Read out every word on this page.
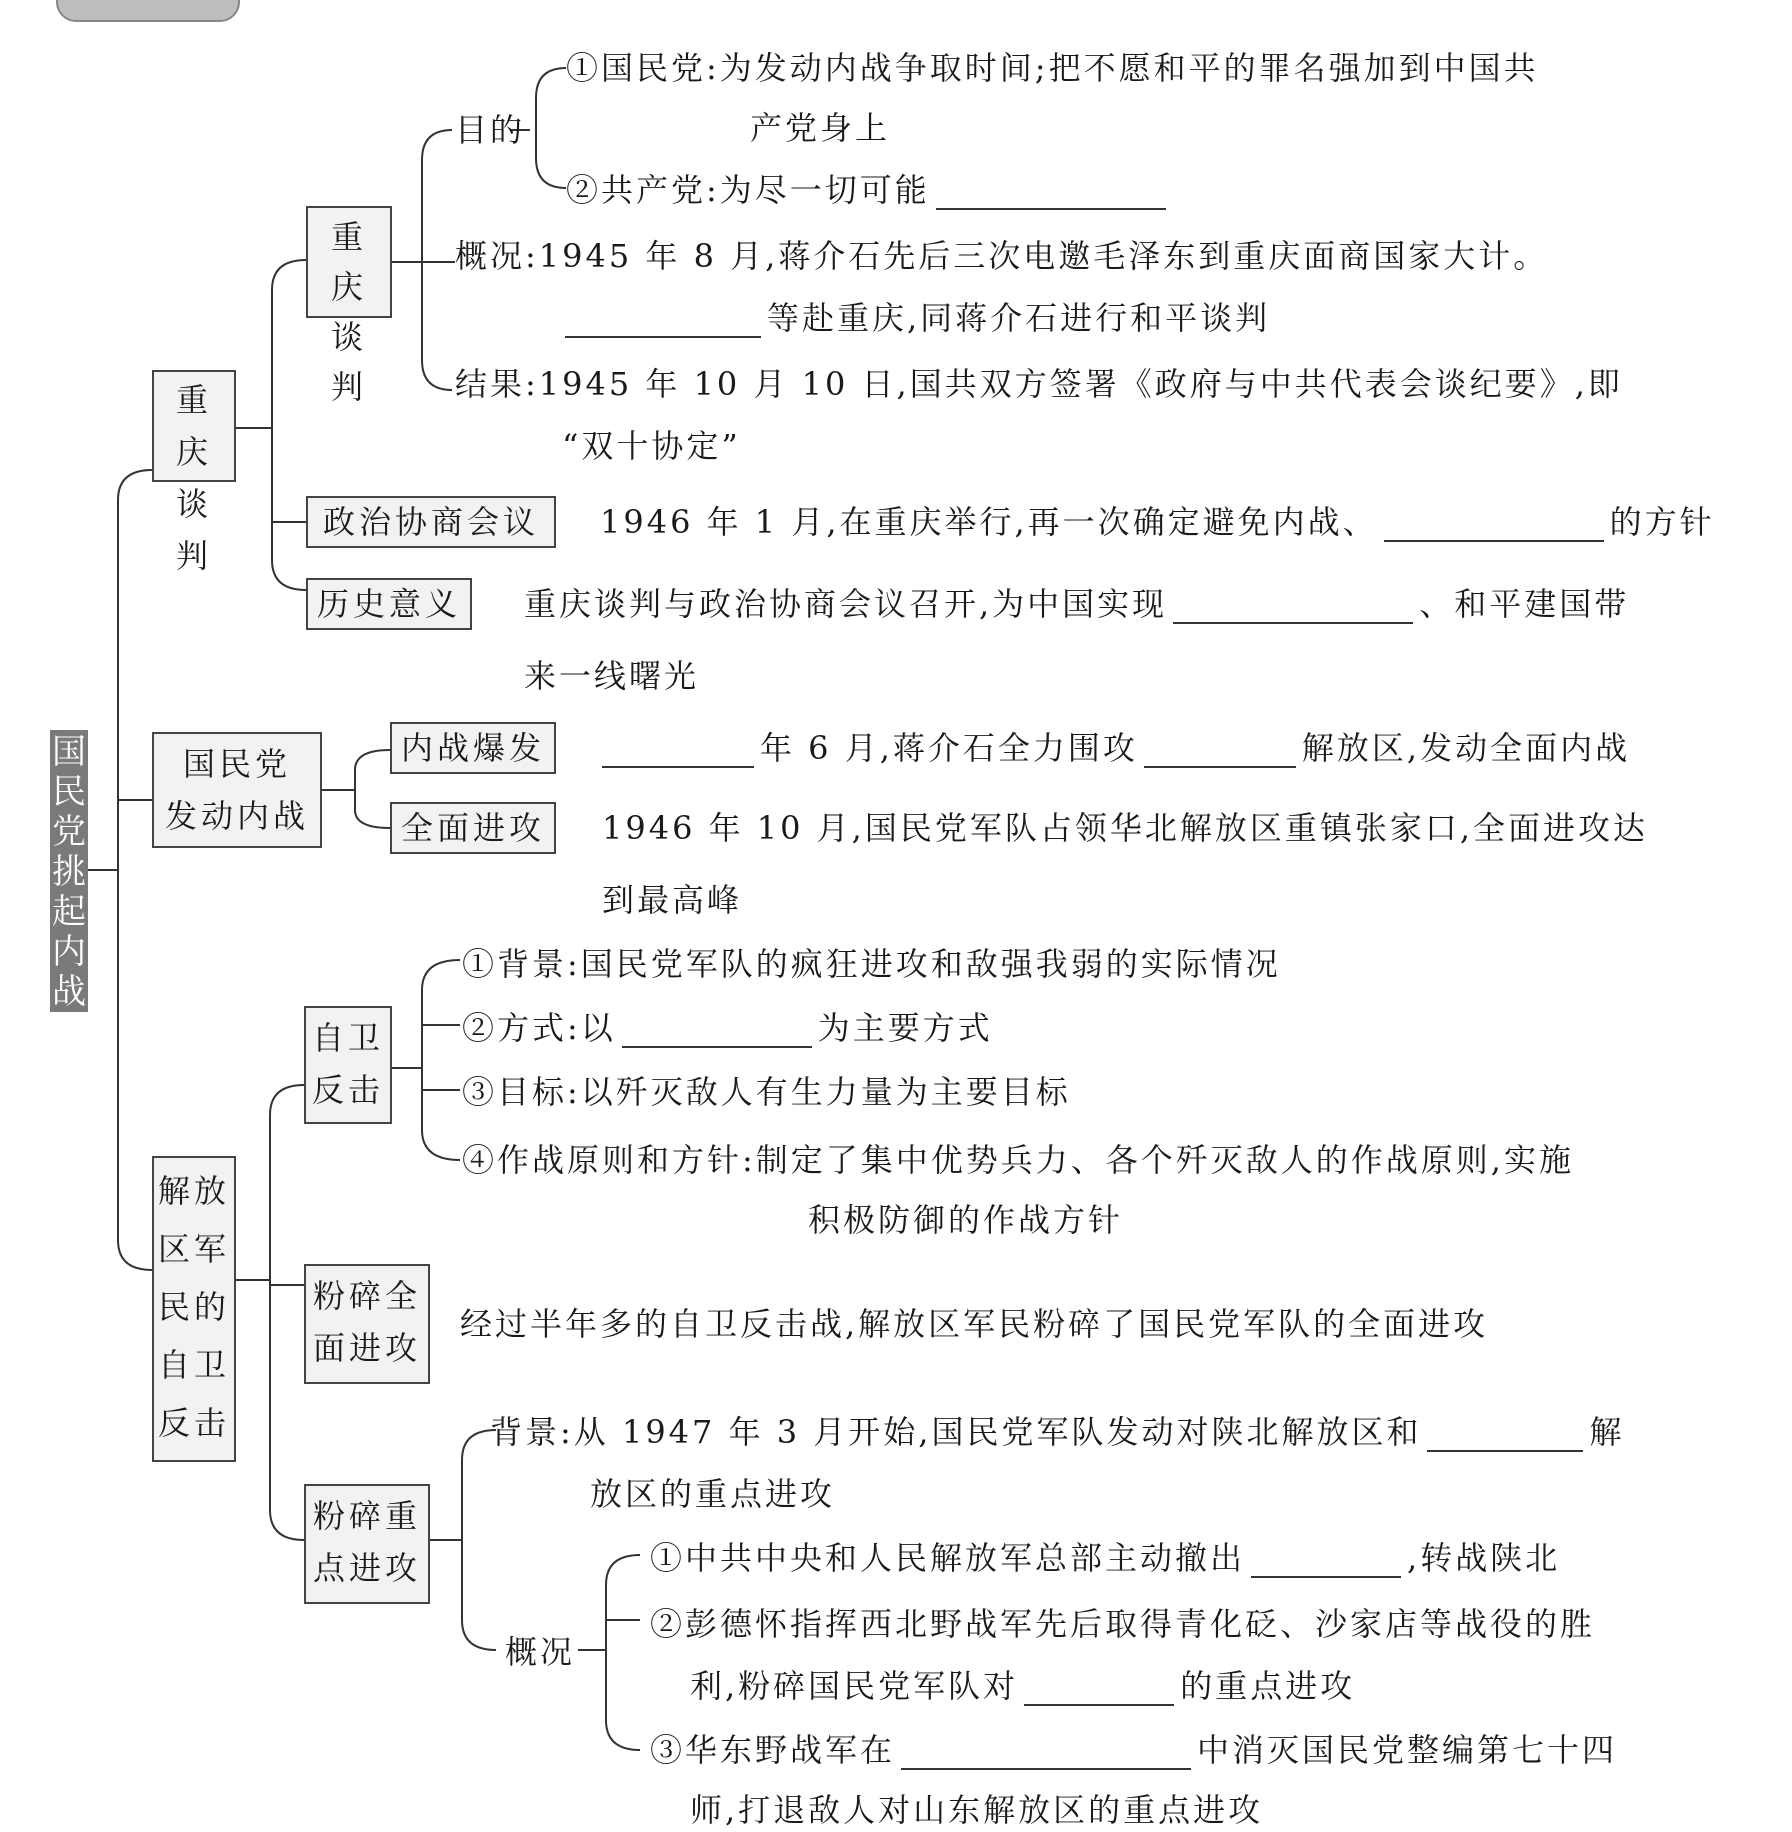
国
民
党
挑
起
内
战
重庆
谈判
重庆
谈判
目的
①国民党:为发动内战争取时间;把不愿和平的罪名强加到中国共
产党身上
②共产党:为尽一切可能
概况:1945 年 8 月,蒋介石先后三次电邀毛泽东到重庆面商国家大计。
等赴重庆,同蒋介石进行和平谈判
结果:1945 年 10 月 10 日,国共双方签署《政府与中共代表会谈纪要》,即
“双十协定”
政治协商会议	1946 年 1 月,在重庆举行,再一次确定避免内战、	的方针
历史意义	重庆谈判与政治协商会议召开,为中国实现	、和平建国带
来一线曙光
国民党
发动内战
内战爆发	年 6 月,蒋介石全力围攻	解放区,发动全面内战
全面进攻	1946 年 10 月,国民党军队占领华北解放区重镇张家口,全面进攻达
到最高峰
解放
区军
民的
自卫
反击
自卫
反击
①背景:国民党军队的疯狂进攻和敌强我弱的实际情况
②方式:以	为主要方式
③目标:以歼灭敌人有生力量为主要目标
④作战原则和方针:制定了集中优势兵力、各个歼灭敌人的作战原则,实施
积极防御的作战方针
粉碎全
面进攻
经过半年多的自卫反击战,解放区军民粉碎了国民党军队的全面进攻
粉碎重
点进攻
背景:从 1947 年 3 月开始,国民党军队发动对陕北解放区和	解
放区的重点进攻
概况
①中共中央和人民解放军总部主动撤出	,转战陕北
②彭德怀指挥西北野战军先后取得青化砭、沙家店等战役的胜
利,粉碎国民党军队对	的重点进攻
③华东野战军在	中消灭国民党整编第七十四
师,打退敌人对山东解放区的重点进攻
